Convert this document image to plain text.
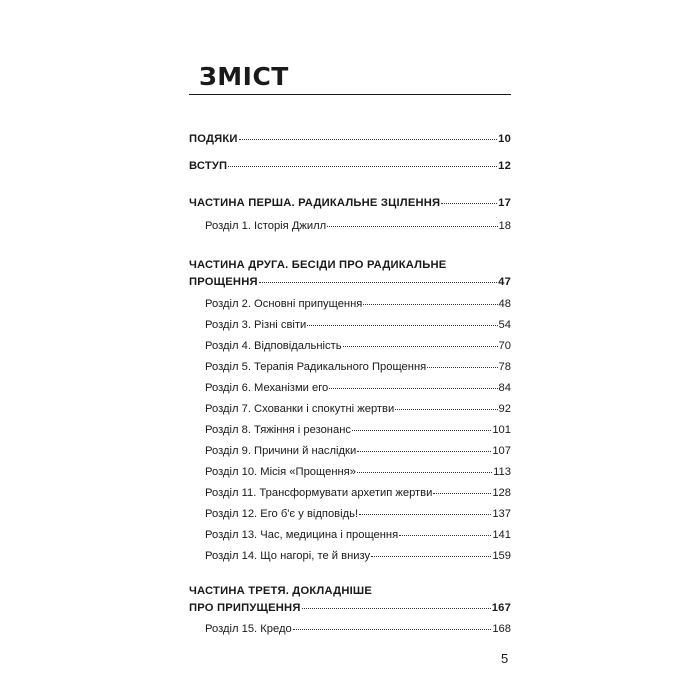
ЗМІСТ
ПОДЯКИ	10
ВСТУП	12
ЧАСТИНА ПЕРША. РАДИКАЛЬНЕ ЗЦІЛЕННЯ	17
Розділ 1. Історія Джилл	18
ЧАСТИНА ДРУГА. БЕСІДИ ПРО РАДИКАЛЬНЕ
ПРОЩЕННЯ	47
Розділ 2. Основні припущення	48
Розділ 3. Різні світи	54
Розділ 4. Відповідальність	70
Розділ 5. Терапія Радикального Прощення	78
Розділ 6. Механізми его	84
Розділ 7. Схованки і спокутні жертви	92
Розділ 8. Тяжіння і резонанс	101
Розділ 9. Причини й наслідки	107
Розділ 10. Місія «Прощення»	113
Розділ 11. Трансформувати архетип жертви	128
Розділ 12. Его б'є у відповідь!	137
Розділ 13. Час, медицина і прощення	141
Розділ 14. Що нагорі, те й внизу	159
ЧАСТИНА ТРЕТЯ. ДОКЛАДНІШЕ
ПРО ПРИПУЩЕННЯ	167
Розділ 15. Кредо	168
5
